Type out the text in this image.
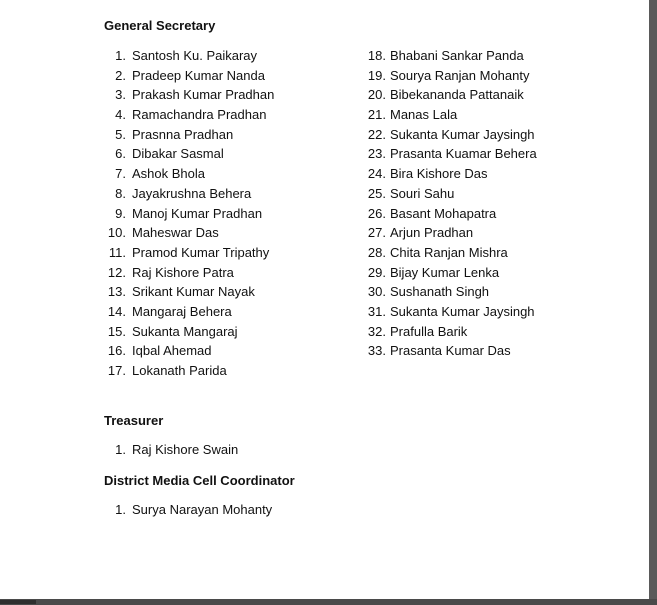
General Secretary
1. Santosh Ku. Paikaray
2. Pradeep Kumar Nanda
3. Prakash Kumar Pradhan
4. Ramachandra Pradhan
5. Prasnna Pradhan
6. Dibakar Sasmal
7. Ashok Bhola
8. Jayakrushna Behera
9. Manoj Kumar Pradhan
10. Maheswar Das
11. Pramod Kumar Tripathy
12. Raj Kishore Patra
13. Srikant Kumar Nayak
14. Mangaraj Behera
15. Sukanta Mangaraj
16. Iqbal Ahemad
17. Lokanath Parida
18. Bhabani Sankar Panda
19. Sourya Ranjan Mohanty
20. Bibekananda Pattanaik
21. Manas Lala
22. Sukanta Kumar Jaysingh
23. Prasanta Kuamar Behera
24. Bira Kishore Das
25. Souri Sahu
26. Basant Mohapatra
27. Arjun Pradhan
28. Chita Ranjan Mishra
29. Bijay Kumar Lenka
30. Sushanath Singh
31. Sukanta Kumar Jaysingh
32. Prafulla Barik
33. Prasanta Kumar Das
Treasurer
1. Raj Kishore Swain
District Media Cell Coordinator
1. Surya Narayan Mohanty
